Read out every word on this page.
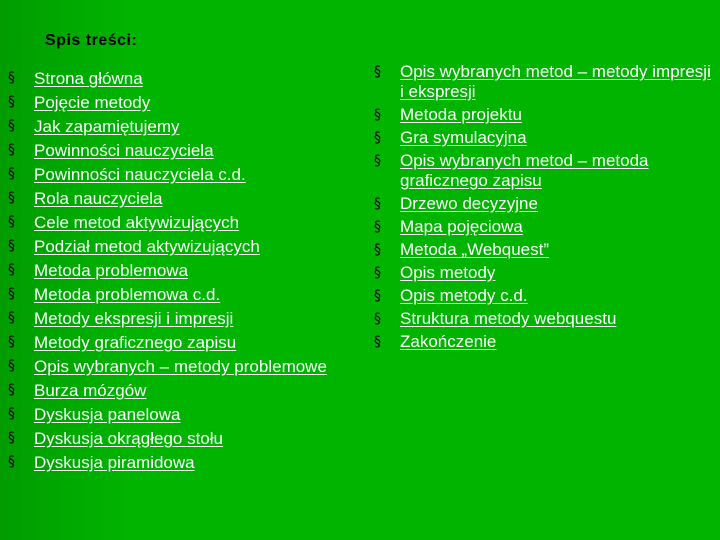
Spis treści:
§ Strona główna
§ Pojęcie metody
§ Jak zapamiętujemy
§ Powinności nauczyciela
§ Powinności nauczyciela c.d.
§ Rola nauczyciela
§ Cele metod aktywizujących
§ Podział metod aktywizujących
§ Metoda problemowa
§ Metoda problemowa c.d.
§ Metody ekspresji i impresji
§ Metody graficznego zapisu
§ Opis wybranych – metody problemowe
§ Burza mózgów
§ Dyskusja panelowa
§ Dyskusja okrągłego stołu
§ Dyskusja piramidowa
§ Opis wybranych metod – metody impresji i ekspresji
§ Metoda projektu
§ Gra symulacyjna
§ Opis wybranych metod – metoda graficznego zapisu
§ Drzewo decyzyjne
§ Mapa pojęciowa
§ Metoda „Webquest”
§ Opis metody
§ Opis metody c.d.
§ Struktura metody webquestu
§ Zakończenie
